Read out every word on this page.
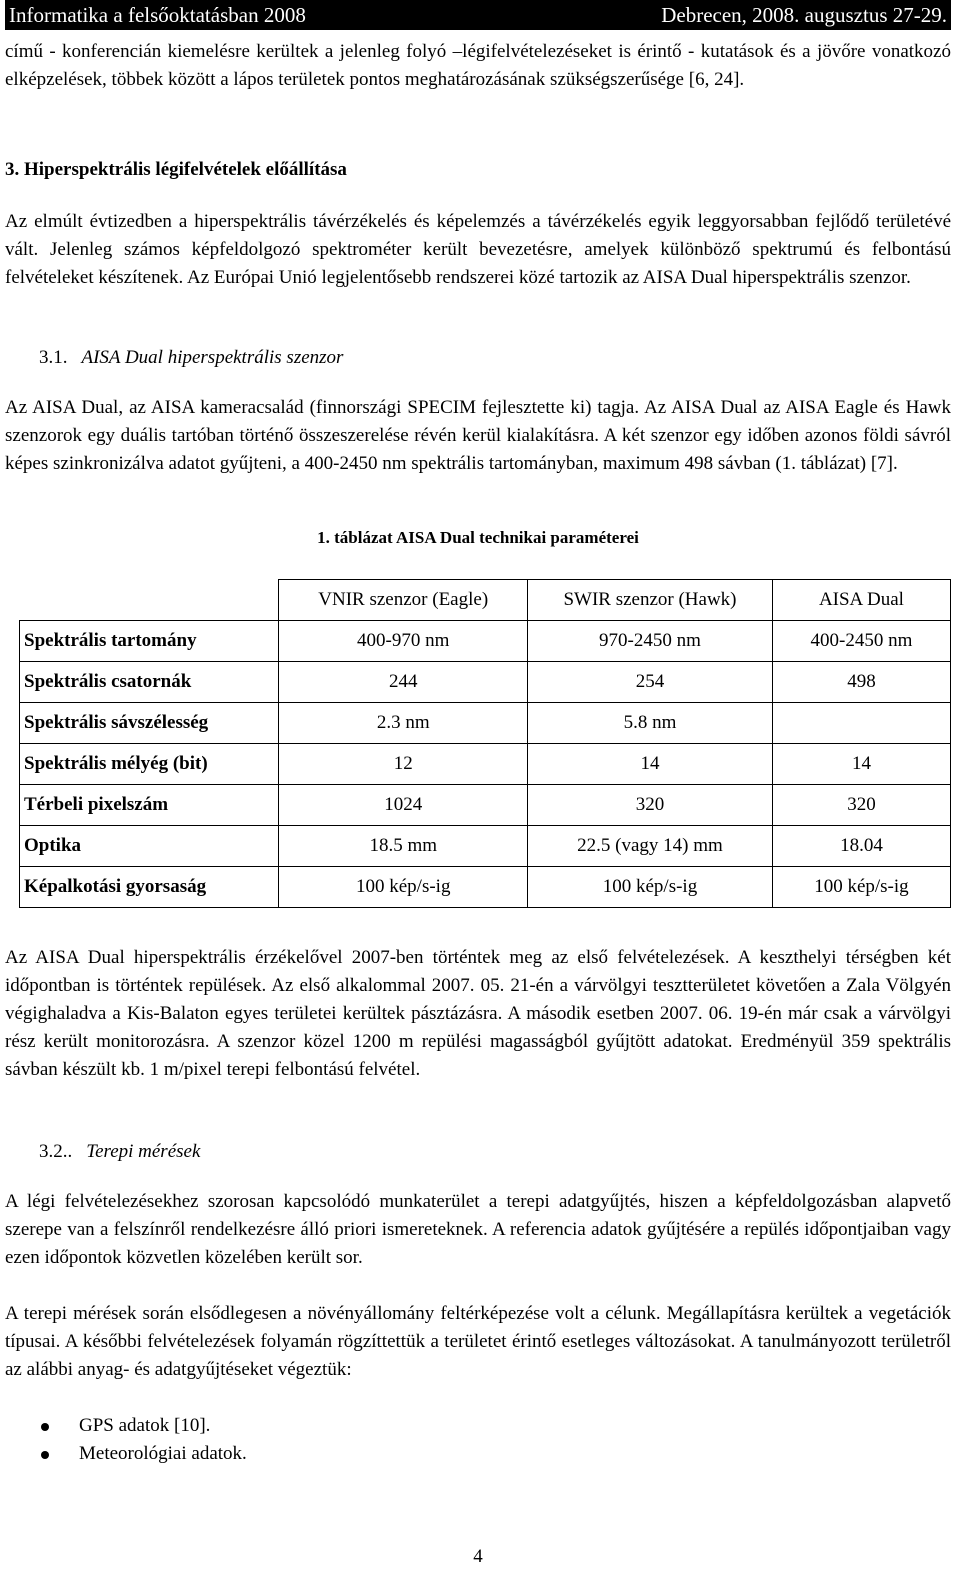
Informatika a felsőoktatásban 2008	Debrecen, 2008. augusztus 27-29.

című - konferencián kiemelésre kerültek a jelenleg folyó –légifelvételezéseket is érintő - kutatások és a jövőre vonatkozó elképzelések, többek között a lápos területek pontos meghatározásának szükségszerűsége [6, 24].

3. Hiperspektrális légifelvételek előállítása

Az elmúlt évtizedben a hiperspektrális távérzékelés és képelemzés a távérzékelés egyik leggyorsabban fejlődő területévé vált. Jelenleg számos képfeldolgozó spektrométer került bevezetésre, amelyek különböző spektrumú és felbontású felvételeket készítenek. Az Európai Unió legjelentősebb rendszerei közé tartozik az AISA Dual hiperspektrális szenzor.

3.1. AISA Dual hiperspektrális szenzor

Az AISA Dual, az AISA kameracsalád (finnországi SPECIM fejlesztette ki) tagja. Az AISA Dual az AISA Eagle és Hawk szenzorok egy duális tartóban történő összeszerelése révén kerül kialakításra. A két szenzor egy időben azonos földi sávról képes szinkronizálva adatot gyűjteni, a 400-2450 nm spektrális tartományban, maximum 498 sávban (1. táblázat) [7].

1. táblázat AISA Dual technikai paraméterei
	VNIR szenzor (Eagle)	SWIR szenzor (Hawk)	AISA Dual
Spektrális tartomány	400-970 nm	970-2450 nm	400-2450 nm
Spektrális csatornák	244	254	498
Spektrális sávszélesség	2.3 nm	5.8 nm	
Spektrális mélyég (bit)	12	14	14
Térbeli pixelszám	1024	320	320
Optika	18.5 mm	22.5 (vagy 14) mm	18.04
Képalkotási gyorsaság	100 kép/s-ig	100 kép/s-ig	100 kép/s-ig

Az AISA Dual hiperspektrális érzékelővel 2007-ben történtek meg az első felvételezések. A keszthelyi térségben két időpontban is történtek repülések. Az első alkalommal 2007. 05. 21-én a várvölgyi tesztterületet követően a Zala Völgyén végighaladva a Kis-Balaton egyes területei kerültek pásztázásra. A második esetben 2007. 06. 19-én már csak a várvölgyi rész került monitorozásra. A szenzor közel 1200 m repülési magasságból gyűjtött adatokat. Eredményül 359 spektrális sávban készült kb. 1 m/pixel terepi felbontású felvétel.

3.2.. Terepi mérések

A légi felvételezésekhez szorosan kapcsolódó munkaterület a terepi adatgyűjtés, hiszen a képfeldolgozásban alapvető szerepe van a felszínről rendelkezésre álló priori ismereteknek. A referencia adatok gyűjtésére a repülés időpontjaiban vagy ezen időpontok közvetlen közelében került sor.

A terepi mérések során elsődlegesen a növényállomány feltérképezése volt a célunk. Megállapításra kerültek a vegetációk típusai. A későbbi felvételezések folyamán rögzíttettük a területet érintő esetleges változásokat. A tanulmányozott területről az alábbi anyag- és adatgyűjtéseket végeztük:

GPS adatok [10].
Meteorológiai adatok.
4
